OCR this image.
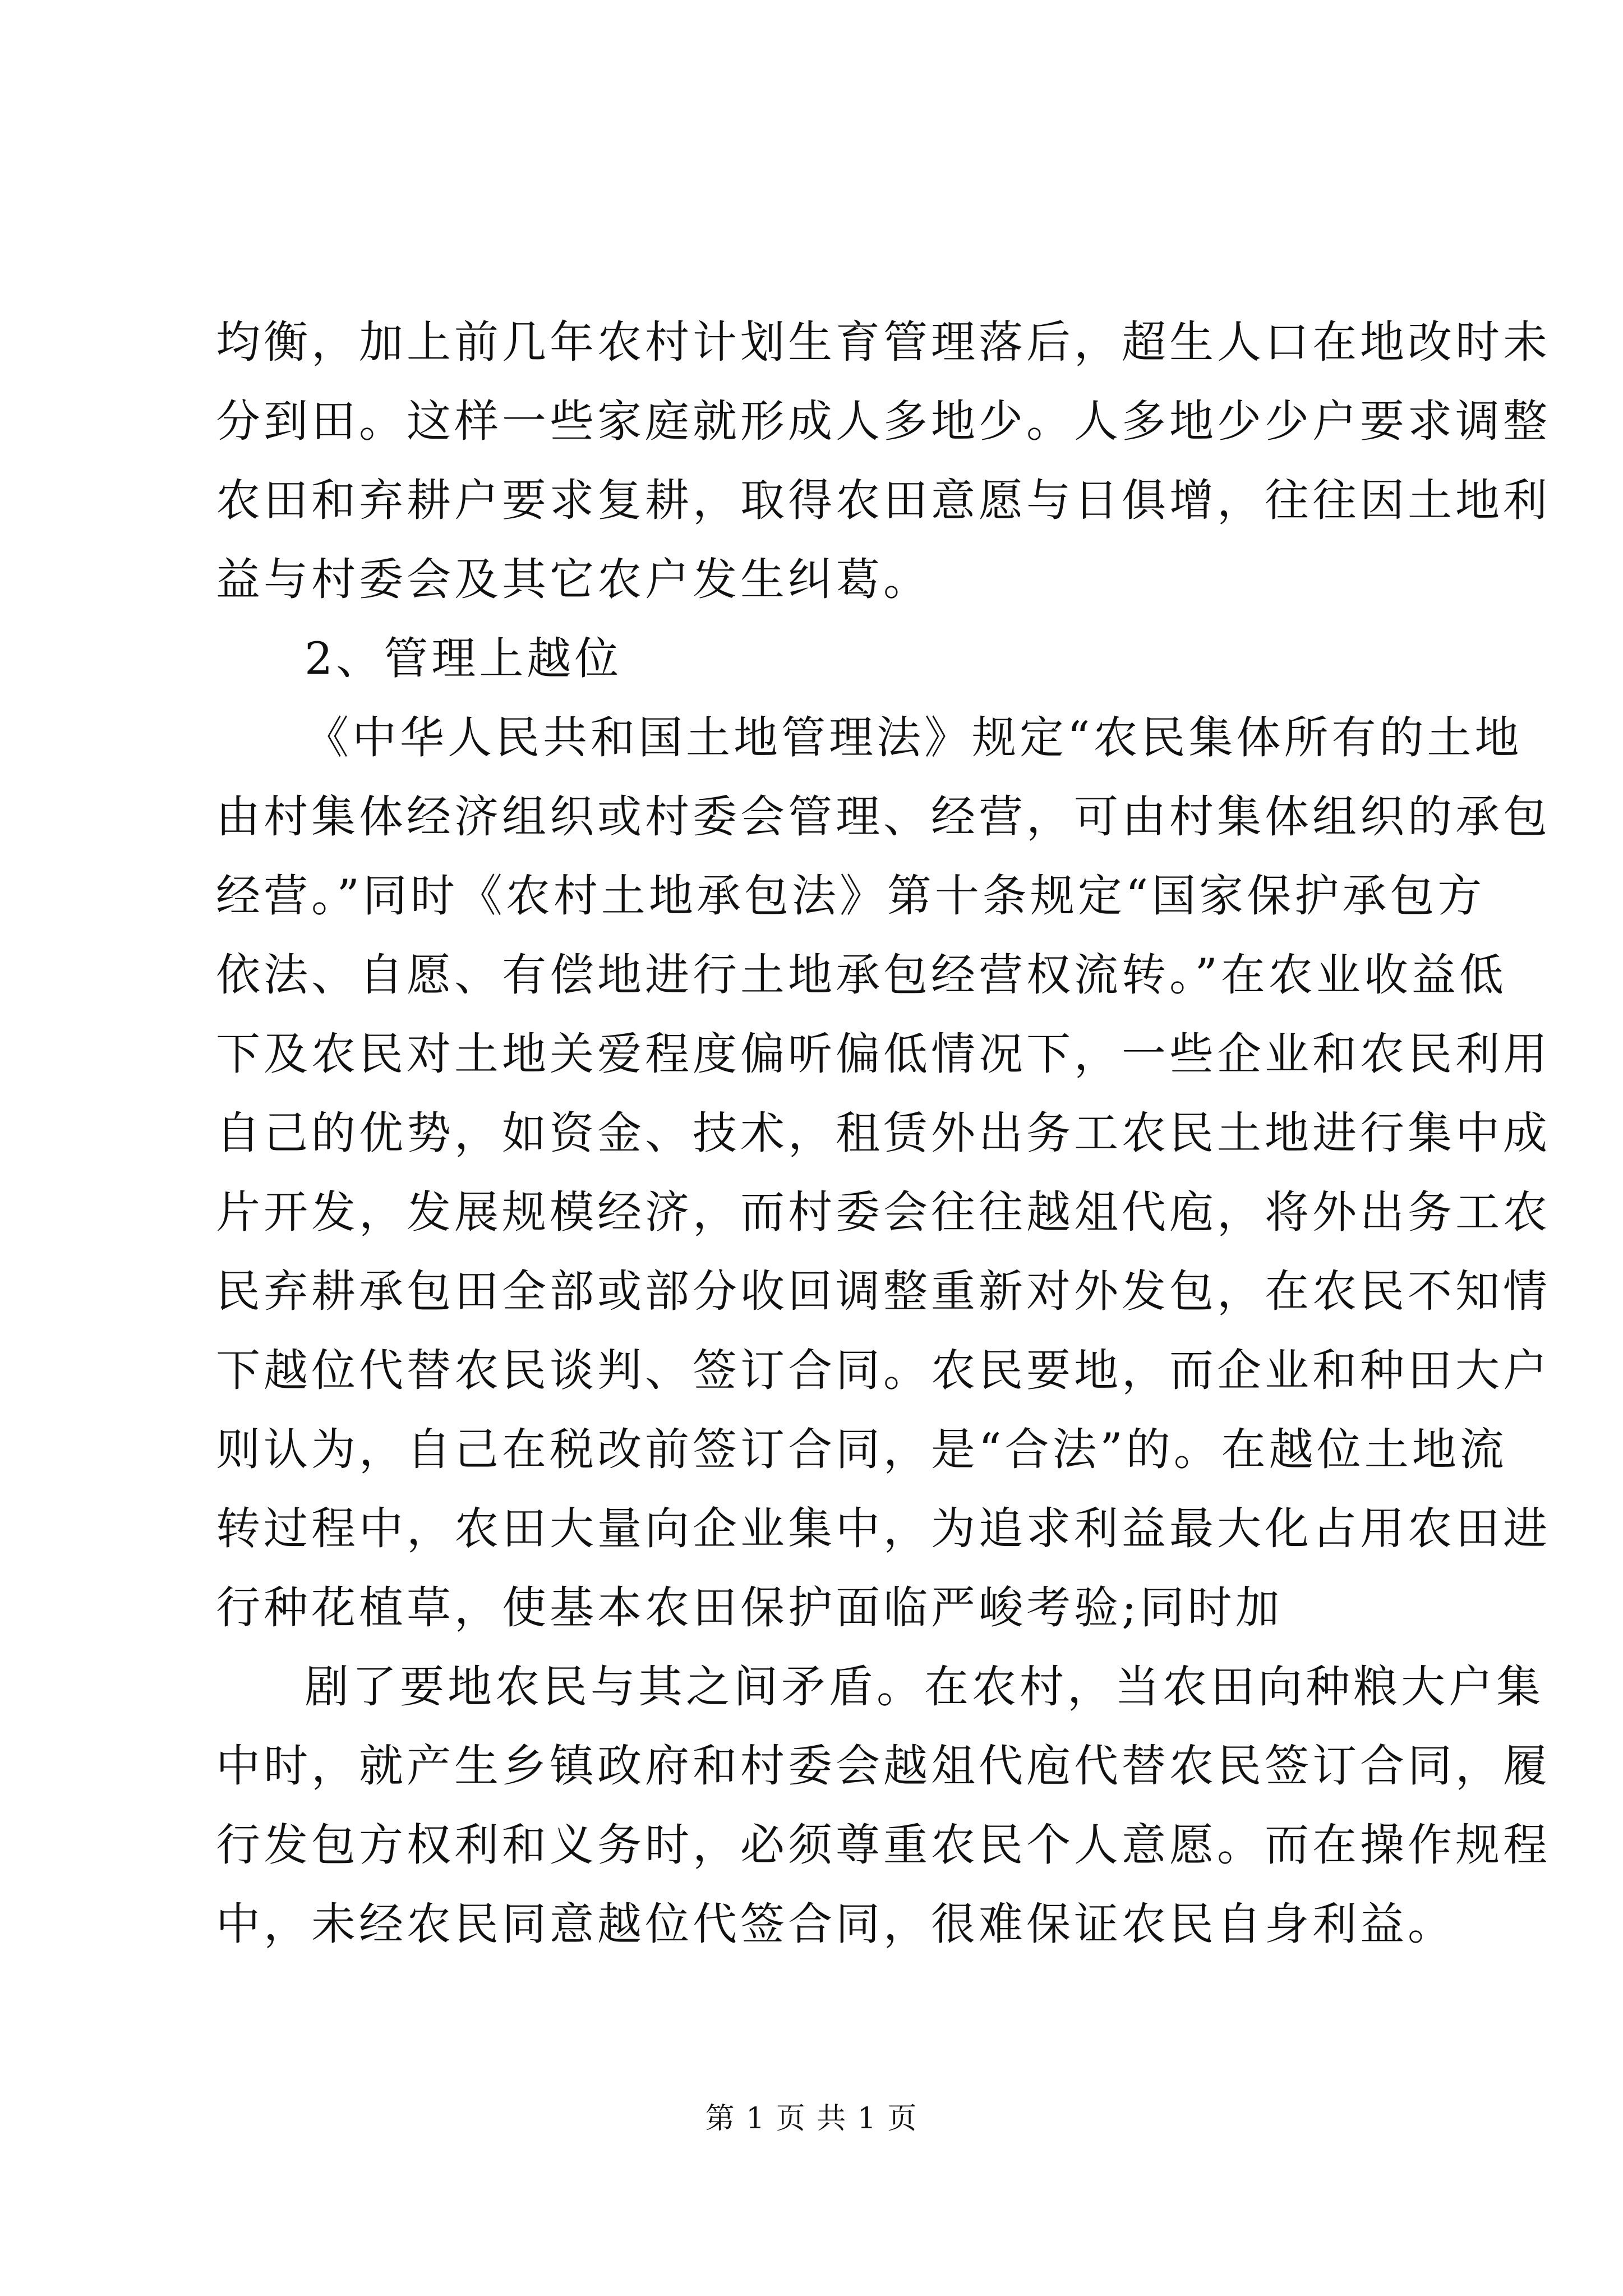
均衡，加上前几年农村计划生育管理落后，超生人口在地改时未
分到田。这样一些家庭就形成人多地少。人多地少少户要求调整
农田和弃耕户要求复耕，取得农田意愿与日俱增，往往因土地利
益与村委会及其它农户发生纠葛。
2、管理上越位
《中华人民共和国土地管理法》规定“农民集体所有的土地
由村集体经济组织或村委会管理、经营，可由村集体组织的承包
经营。”同时《农村土地承包法》第十条规定“国家保护承包方
依法、自愿、有偿地进行土地承包经营权流转。”在农业收益低
下及农民对土地关爱程度偏听偏低情况下，一些企业和农民利用
自己的优势，如资金、技术，租赁外出务工农民土地进行集中成
片开发，发展规模经济，而村委会往往越俎代庖，将外出务工农
民弃耕承包田全部或部分收回调整重新对外发包，在农民不知情
下越位代替农民谈判、签订合同。农民要地，而企业和种田大户
则认为，自己在税改前签订合同，是“合法”的。在越位土地流
转过程中，农田大量向企业集中，为追求利益最大化占用农田进
行种花植草，使基本农田保护面临严峻考验;同时加
剧了要地农民与其之间矛盾。在农村，当农田向种粮大户集
中时，就产生乡镇政府和村委会越俎代庖代替农民签订合同，履
行发包方权利和义务时，必须尊重农民个人意愿。而在操作规程
中，未经农民同意越位代签合同，很难保证农民自身利益。
第 1 页 共 1 页
